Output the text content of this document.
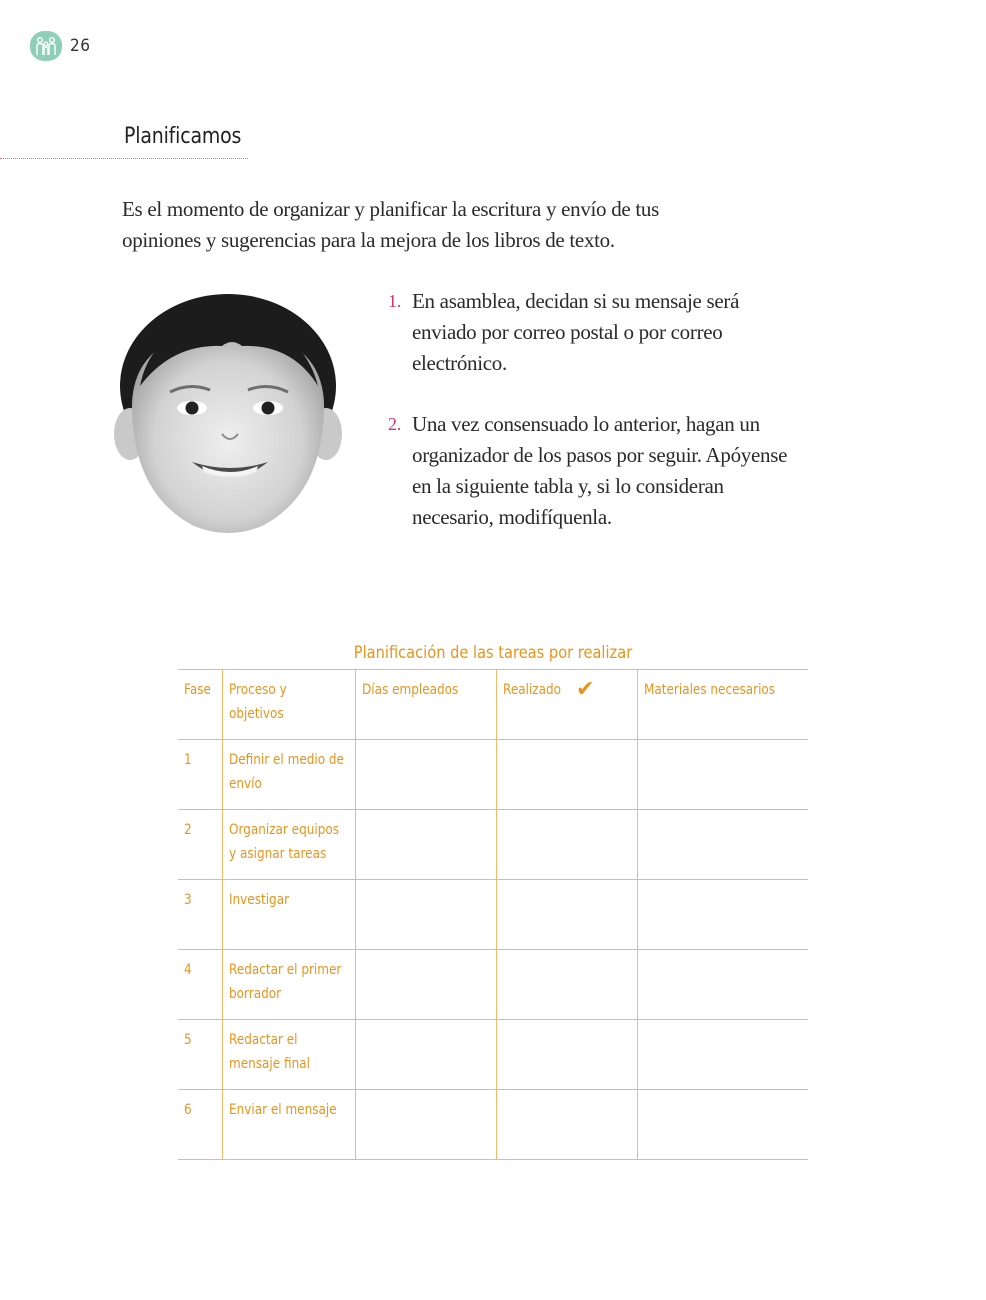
26
Planificamos

Es el momento de organizar y planificar la escritura y envío de tus opiniones y sugerencias para la mejora de los libros de texto.

1. En asamblea, decidan si su mensaje será enviado por correo postal o por correo electrónico.
2. Una vez consensuado lo anterior, hagan un organizador de los pasos por seguir. Apóyense en la siguiente tabla y, si lo consideran necesario, modifíquenla.
Planificación de las tareas por realizar
Fase	Proceso y objetivos	Días empleados	Realizado ✔	Materiales necesarios
1	Definir el medio de envío			
2	Organizar equipos y asignar tareas			
3	Investigar			
4	Redactar el primer borrador			
5	Redactar el mensaje final			
6	Enviar el mensaje			
